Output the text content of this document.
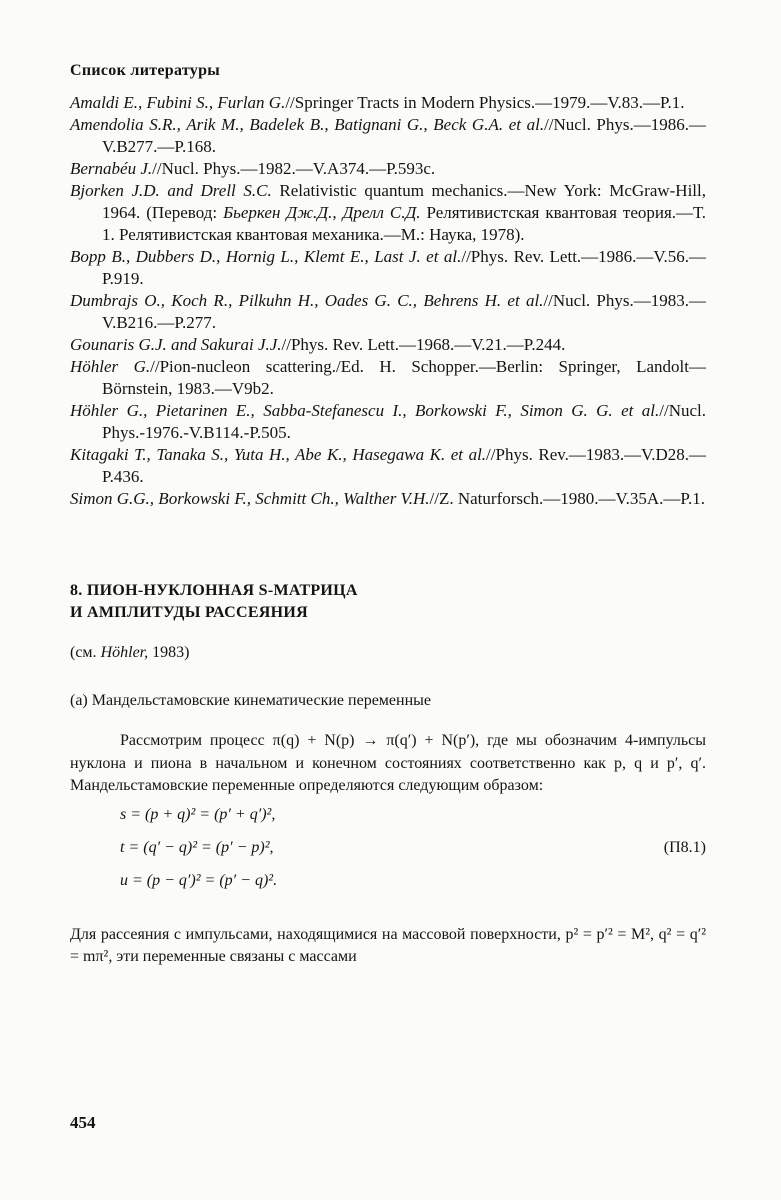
Список литературы

Amaldi E., Fubini S., Furlan G.//Springer Tracts in Modern Physics.—1979.—V.83.—P.1.

Amendolia S.R., Arik M., Badelek B., Batignani G., Beck G.A. et al.//Nucl. Phys.—1986.—V.B277.—P.168.

Bernabéu J.//Nucl. Phys.—1982.—V.A374.—P.593c.

Bjorken J.D. and Drell S.C. Relativistic quantum mechanics.—New York: McGraw-Hill, 1964. (Перевод: Бьеркен Дж.Д., Дрелл С.Д. Релятивистская квантовая теория.—Т. 1. Релятивистская квантовая механика.—М.: Наука, 1978).

Bopp B., Dubbers D., Hornig L., Klemt E., Last J. et al.//Phys. Rev. Lett.—1986.—V.56.—P.919.

Dumbrajs O., Koch R., Pilkuhn H., Oades G. C., Behrens H. et al.//Nucl. Phys.—1983.—V.B216.—P.277.

Gounaris G.J. and Sakurai J.J.//Phys. Rev. Lett.—1968.—V.21.—P.244.

Höhler G.//Pion-nucleon scattering./Ed. H. Schopper.—Berlin: Springer, Landolt—Börnstein, 1983.—V9b2.

Höhler G., Pietarinen E., Sabba-Stefanescu I., Borkowski F., Simon G. G. et al.//Nucl. Phys.-1976.-V.B114.-P.505.

Kitagaki T., Tanaka S., Yuta H., Abe K., Hasegawa K. et al.//Phys. Rev.—1983.—V.D28.—P.436.

Simon G.G., Borkowski F., Schmitt Ch., Walther V.H.//Z. Naturforsch.—1980.—V.35A.—P.1.

8. ПИОН-НУКЛОННАЯ S-МАТРИЦА
И АМПЛИТУДЫ РАССЕЯНИЯ
(см. Höhler, 1983)
(а) Мандельстамовские кинематические переменные

Рассмотрим процесс π(q) + N(p) → π(q′) + N(p′), где мы обозначим 4-импульсы нуклона и пиона в начальном и конечном состояниях соответственно как p, q и p′, q′. Мандельстамовские переменные определяются следующим образом:

s = (p + q)² = (p′ + q′)²,
t = (q′ − q)² = (p′ − p)²,
u = (p − q′)² = (p′ − q)².
(П8.1)

Для рассеяния с импульсами, находящимися на массовой поверхности, p² = p′² = M², q² = q′² = mπ², эти переменные связаны с массами

454
